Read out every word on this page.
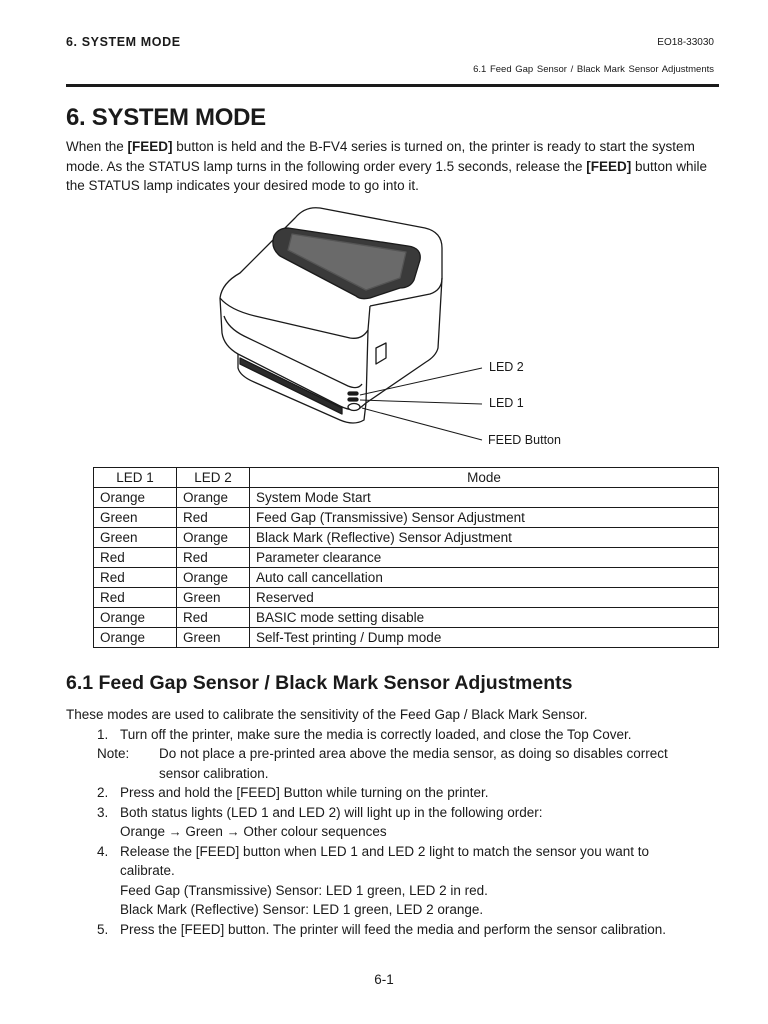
6. SYSTEM MODE	EO18-33030
6.1 Feed Gap Sensor / Black Mark Sensor Adjustments
6. SYSTEM MODE
When the [FEED] button is held and the B-FV4 series is turned on, the printer is ready to start the system mode. As the STATUS lamp turns in the following order every 1.5 seconds, release the [FEED] button while the STATUS lamp indicates your desired mode to go into it.
LED 2
LED 1
FEED Button
LED 1	LED 2	Mode
Orange	Orange	System Mode Start
Green	Red	Feed Gap (Transmissive) Sensor Adjustment
Green	Orange	Black Mark (Reflective) Sensor Adjustment
Red	Red	Parameter clearance
Red	Orange	Auto call cancellation
Red	Green	Reserved
Orange	Red	BASIC mode setting disable
Orange	Green	Self-Test printing / Dump mode
6.1 Feed Gap Sensor / Black Mark Sensor Adjustments
These modes are used to calibrate the sensitivity of the Feed Gap / Black Mark Sensor.
1. Turn off the printer, make sure the media is correctly loaded, and close the Top Cover.
Note: Do not place a pre-printed area above the media sensor, as doing so disables correct
sensor calibration.
2. Press and hold the [FEED] Button while turning on the printer.
3. Both status lights (LED 1 and LED 2) will light up in the following order:
Orange → Green → Other colour sequences
4. Release the [FEED] button when LED 1 and LED 2 light to match the sensor you want to
calibrate.
Feed Gap (Transmissive) Sensor: LED 1 green, LED 2 in red.
Black Mark (Reflective) Sensor: LED 1 green, LED 2 orange.
5. Press the [FEED] button. The printer will feed the media and perform the sensor calibration.
6-1
